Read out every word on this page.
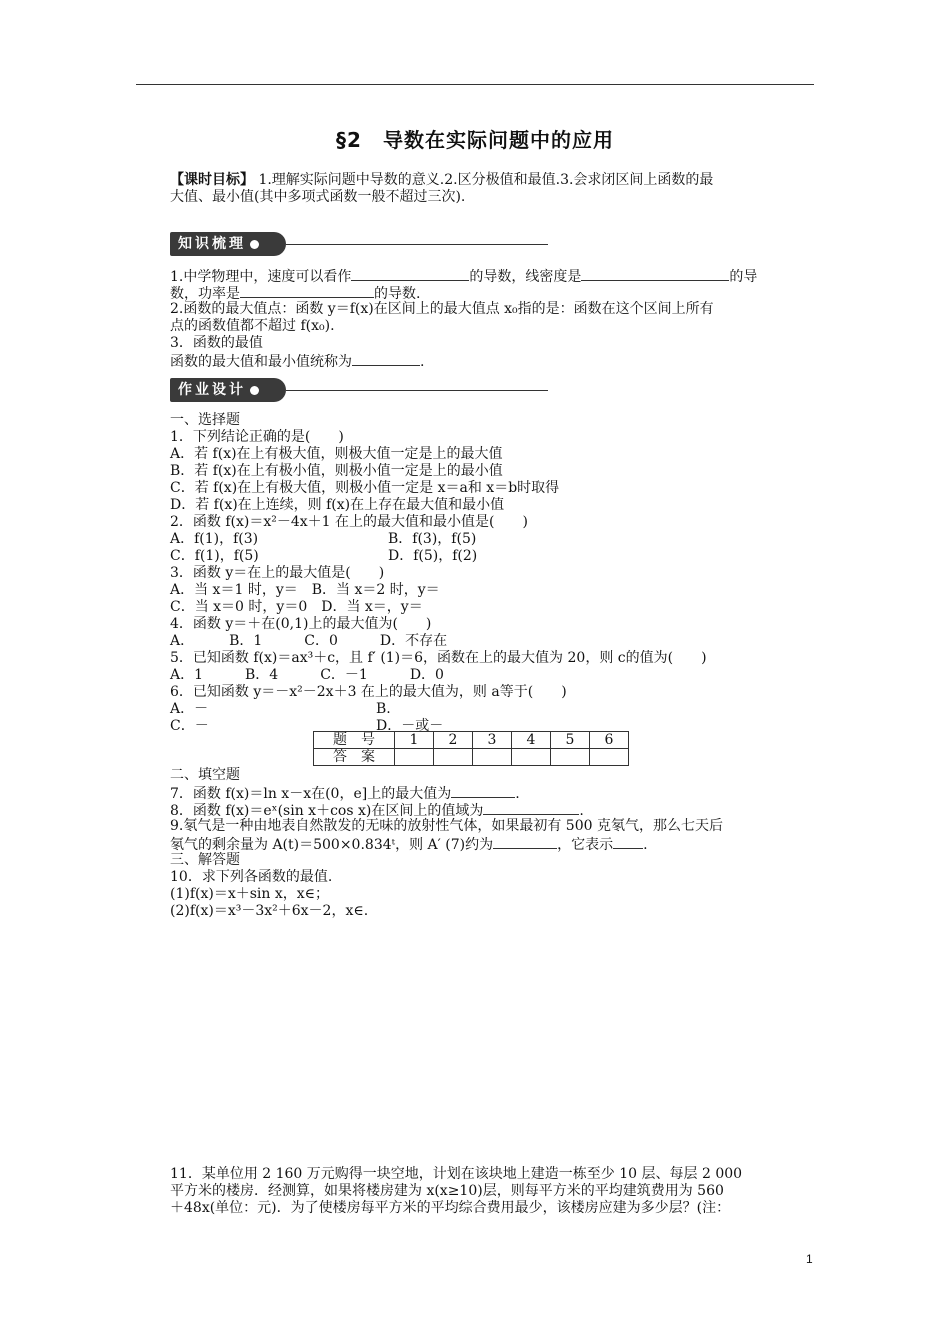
§2　导数在实际问题中的应用
【课时目标】 1.理解实际问题中导数的意义.2.区分极值和最值.3.会求闭区间上函数的最
大值、最小值(其中多项式函数一般不超过三次).
知识梳理
1.中学物理中，速度可以看作	的导数，线密度是	的导
数，功率是	的导数.
2.函数的最大值点：函数 y＝f(x)在区间上的最大值点 x₀指的是：函数在这个区间上所有
点的函数值都不超过 f(x₀).
3．函数的最值
函数的最大值和最小值统称为	.
作业设计
一、选择题
1．下列结论正确的是(　　)
A．若 f(x)在上有极大值，则极大值一定是上的最大值
B．若 f(x)在上有极小值，则极小值一定是上的最小值
C．若 f(x)在上有极大值，则极小值一定是 x＝a和 x＝b时取得
D．若 f(x)在上连续，则 f(x)在上存在最大值和最小值
2．函数 f(x)＝x²－4x＋1 在上的最大值和最小值是(　　)
A．f(1)，f(3)	B．f(3)，f(5)
C．f(1)，f(5)	D．f(5)，f(2)
3．函数 y＝在上的最大值是(　　)
A．当 x＝1 时，y＝　B．当 x＝2 时，y＝
C．当 x＝0 时，y＝0　D．当 x＝，y＝
4．函数 y＝＋在(0,1)上的最大值为(　　)
A．　　　B．1　　　C．0　　　D．不存在
5．已知函数 f(x)＝ax³＋c，且 f′ (1)＝6，函数在上的最大值为 20，则 c的值为(　　)
A．1　　　B．4　　　C．－1　　　D．0
6．已知函数 y＝－x²－2x＋3 在上的最大值为，则 a等于(　　)
A．－	B.
C．－	D．－或－
题　号	1	2	3	4	5	6
答　案						
二、填空题
7．函数 f(x)＝ln x－x在(0，e]上的最大值为	.
8．函数 f(x)＝eˣ(sin x＋cos x)在区间上的值域为	.
9.氡气是一种由地表自然散发的无味的放射性气体，如果最初有 500 克氡气，那么七天后
氡气的剩余量为 A(t)＝500×0.834ᵗ，则 A′ (7)约为	，它表示 .
三、解答题
10．求下列各函数的最值.
(1)f(x)＝x＋sin x，x∈；
(2)f(x)＝x³－3x²＋6x－2，x∈.
11．某单位用 2 160 万元购得一块空地，计划在该块地上建造一栋至少 10 层、每层 2 000
平方米的楼房．经测算，如果将楼房建为 x(x≥10)层，则每平方米的平均建筑费用为 560
＋48x(单位：元)．为了使楼房每平方米的平均综合费用最少，该楼房应建为多少层？(注：
1
